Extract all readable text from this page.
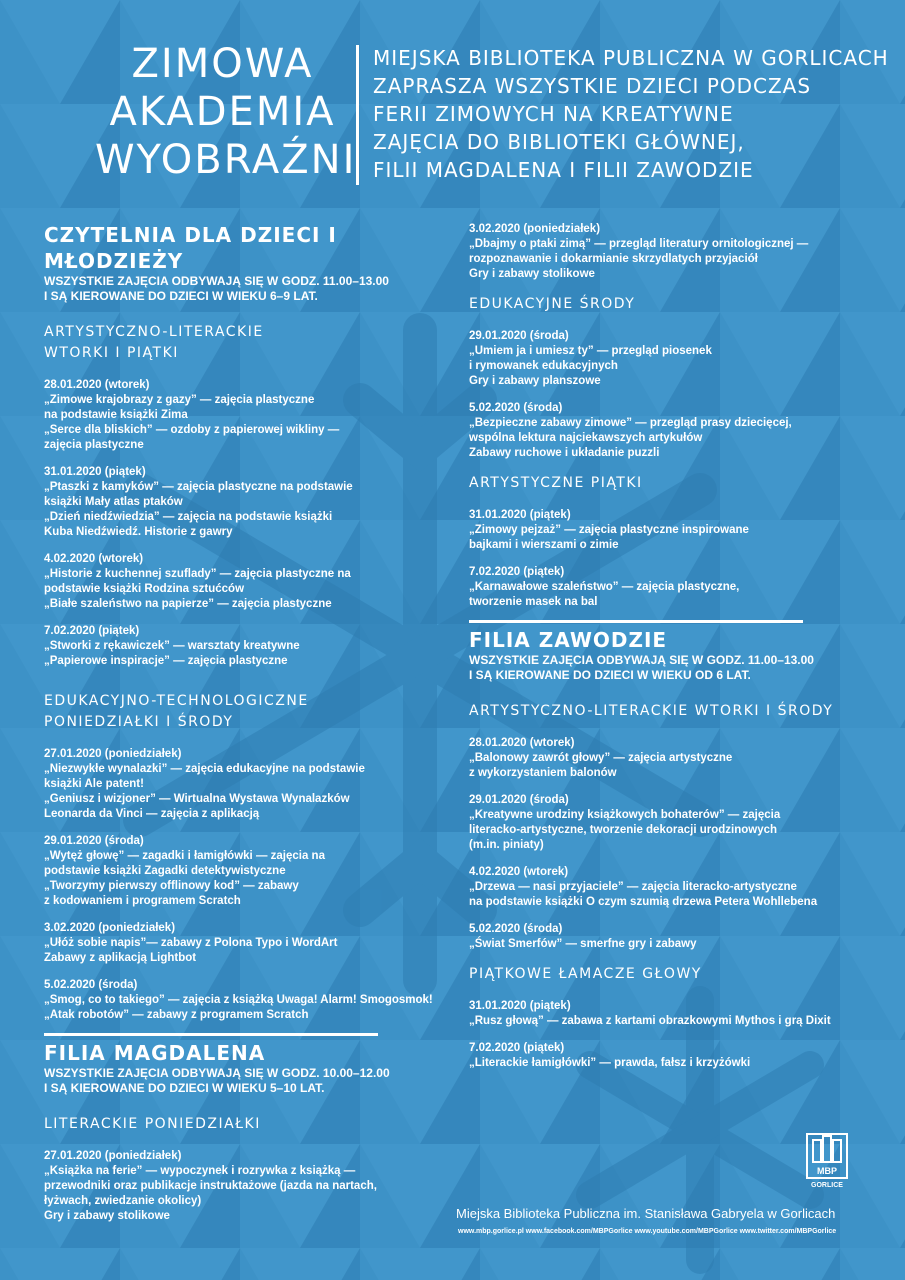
ZIMOWA
AKADEMIA
WYOBRAŹNI
MIEJSKA BIBLIOTEKA PUBLICZNA W GORLICACH
ZAPRASZA WSZYSTKIE DZIECI PODCZAS
FERII ZIMOWYCH NA KREATYWNE
ZAJĘCIA DO BIBLIOTEKI GŁÓWNEJ,
FILII MAGDALENA I FILII ZAWODZIE
CZYTELNIA DLA DZIECI I MŁODZIEŻY
WSZYSTKIE ZAJĘCIA ODBYWAJĄ SIĘ W GODZ. 11.00–13.00
I SĄ KIEROWANE DO DZIECI W WIEKU 6–9 LAT.
ARTYSTYCZNO-LITERACKIE
WTORKI I PIĄTKI
28.01.2020 (wtorek)
„Zimowe krajobrazy z gazy” — zajęcia plastyczne
na podstawie książki Zima
„Serce dla bliskich” — ozdoby z papierowej wikliny —
zajęcia plastyczne
31.01.2020 (piątek)
„Ptaszki z kamyków” — zajęcia plastyczne na podstawie
książki Mały atlas ptaków
„Dzień niedźwiedzia” — zajęcia na podstawie książki
Kuba Niedźwiedź. Historie z gawry
4.02.2020 (wtorek)
„Historie z kuchennej szuflady” — zajęcia plastyczne na
podstawie książki Rodzina sztućców
„Białe szaleństwo na papierze” — zajęcia plastyczne
7.02.2020 (piątek)
„Stworki z rękawiczek” — warsztaty kreatywne
„Papierowe inspiracje” — zajęcia plastyczne
EDUKACYJNO-TECHNOLOGICZNE
PONIEDZIAŁKI I ŚRODY
27.01.2020 (poniedziałek)
„Niezwykłe wynalazki” — zajęcia edukacyjne na podstawie
książki Ale patent!
„Geniusz i wizjoner” — Wirtualna Wystawa Wynalazków
Leonarda da Vinci — zajęcia z aplikacją
29.01.2020 (środa)
„Wytęż głowę” — zagadki i łamigłówki — zajęcia na
podstawie książki Zagadki detektywistyczne
„Tworzymy pierwszy offlinowy kod” — zabawy
z kodowaniem i programem Scratch
3.02.2020 (poniedziałek)
„Ułóż sobie napis”— zabawy z Polona Typo i WordArt
Zabawy z aplikacją Lightbot
5.02.2020 (środa)
„Smog, co to takiego” — zajęcia z książką Uwaga! Alarm! Smogosmok!
„Atak robotów” — zabawy z programem Scratch
FILIA MAGDALENA
WSZYSTKIE ZAJĘCIA ODBYWAJĄ SIĘ W GODZ. 10.00–12.00
I SĄ KIEROWANE DO DZIECI W WIEKU 5–10 LAT.
LITERACKIE PONIEDZIAŁKI
27.01.2020 (poniedziałek)
„Książka na ferie” — wypoczynek i rozrywka z książką —
przewodniki oraz publikacje instruktażowe (jazda na nartach,
łyżwach, zwiedzanie okolicy)
Gry i zabawy stolikowe
3.02.2020 (poniedziałek)
„Dbajmy o ptaki zimą” — przegląd literatury ornitologicznej —
rozpoznawanie i dokarmianie skrzydlatych przyjaciół
Gry i zabawy stolikowe
EDUKACYJNE ŚRODY
29.01.2020 (środa)
„Umiem ja i umiesz ty” — przegląd piosenek
i rymowanek edukacyjnych
Gry i zabawy planszowe
5.02.2020 (środa)
„Bezpieczne zabawy zimowe” — przegląd prasy dziecięcej,
wspólna lektura najciekawszych artykułów
Zabawy ruchowe i układanie puzzli
ARTYSTYCZNE PIĄTKI
31.01.2020 (piątek)
„Zimowy pejzaż” — zajęcia plastyczne inspirowane
bajkami i wierszami o zimie
7.02.2020 (piątek)
„Karnawałowe szaleństwo” — zajęcia plastyczne,
tworzenie masek na bal
FILIA ZAWODZIE
WSZYSTKIE ZAJĘCIA ODBYWAJĄ SIĘ W GODZ. 11.00–13.00
I SĄ KIEROWANE DO DZIECI W WIEKU OD 6 LAT.
ARTYSTYCZNO-LITERACKIE WTORKI I ŚRODY
28.01.2020 (wtorek)
„Balonowy zawrót głowy” — zajęcia artystyczne
z wykorzystaniem balonów
29.01.2020 (środa)
„Kreatywne urodziny książkowych bohaterów” — zajęcia
literacko-artystyczne, tworzenie dekoracji urodzinowych
(m.in. piniaty)
4.02.2020 (wtorek)
„Drzewa — nasi przyjaciele” — zajęcia literacko-artystyczne
na podstawie książki O czym szumią drzewa Petera Wohllebena
5.02.2020 (środa)
„Świat Smerfów” — smerfne gry i zabawy
PIĄTKOWE ŁAMACZE GŁOWY
31.01.2020 (piątek)
„Rusz głową” — zabawa z kartami obrazkowymi Mythos i grą Dixit
7.02.2020 (piątek)
„Literackie łamigłówki” — prawda, fałsz i krzyżówki
MBP
GORLICE
Miejska Biblioteka Publiczna im. Stanisława Gabryela w Gorlicach
www.mbp.gorlice.pl www.facebook.com/MBPGorlice www.youtube.com/MBPGorlice www.twitter.com/MBPGorlice
